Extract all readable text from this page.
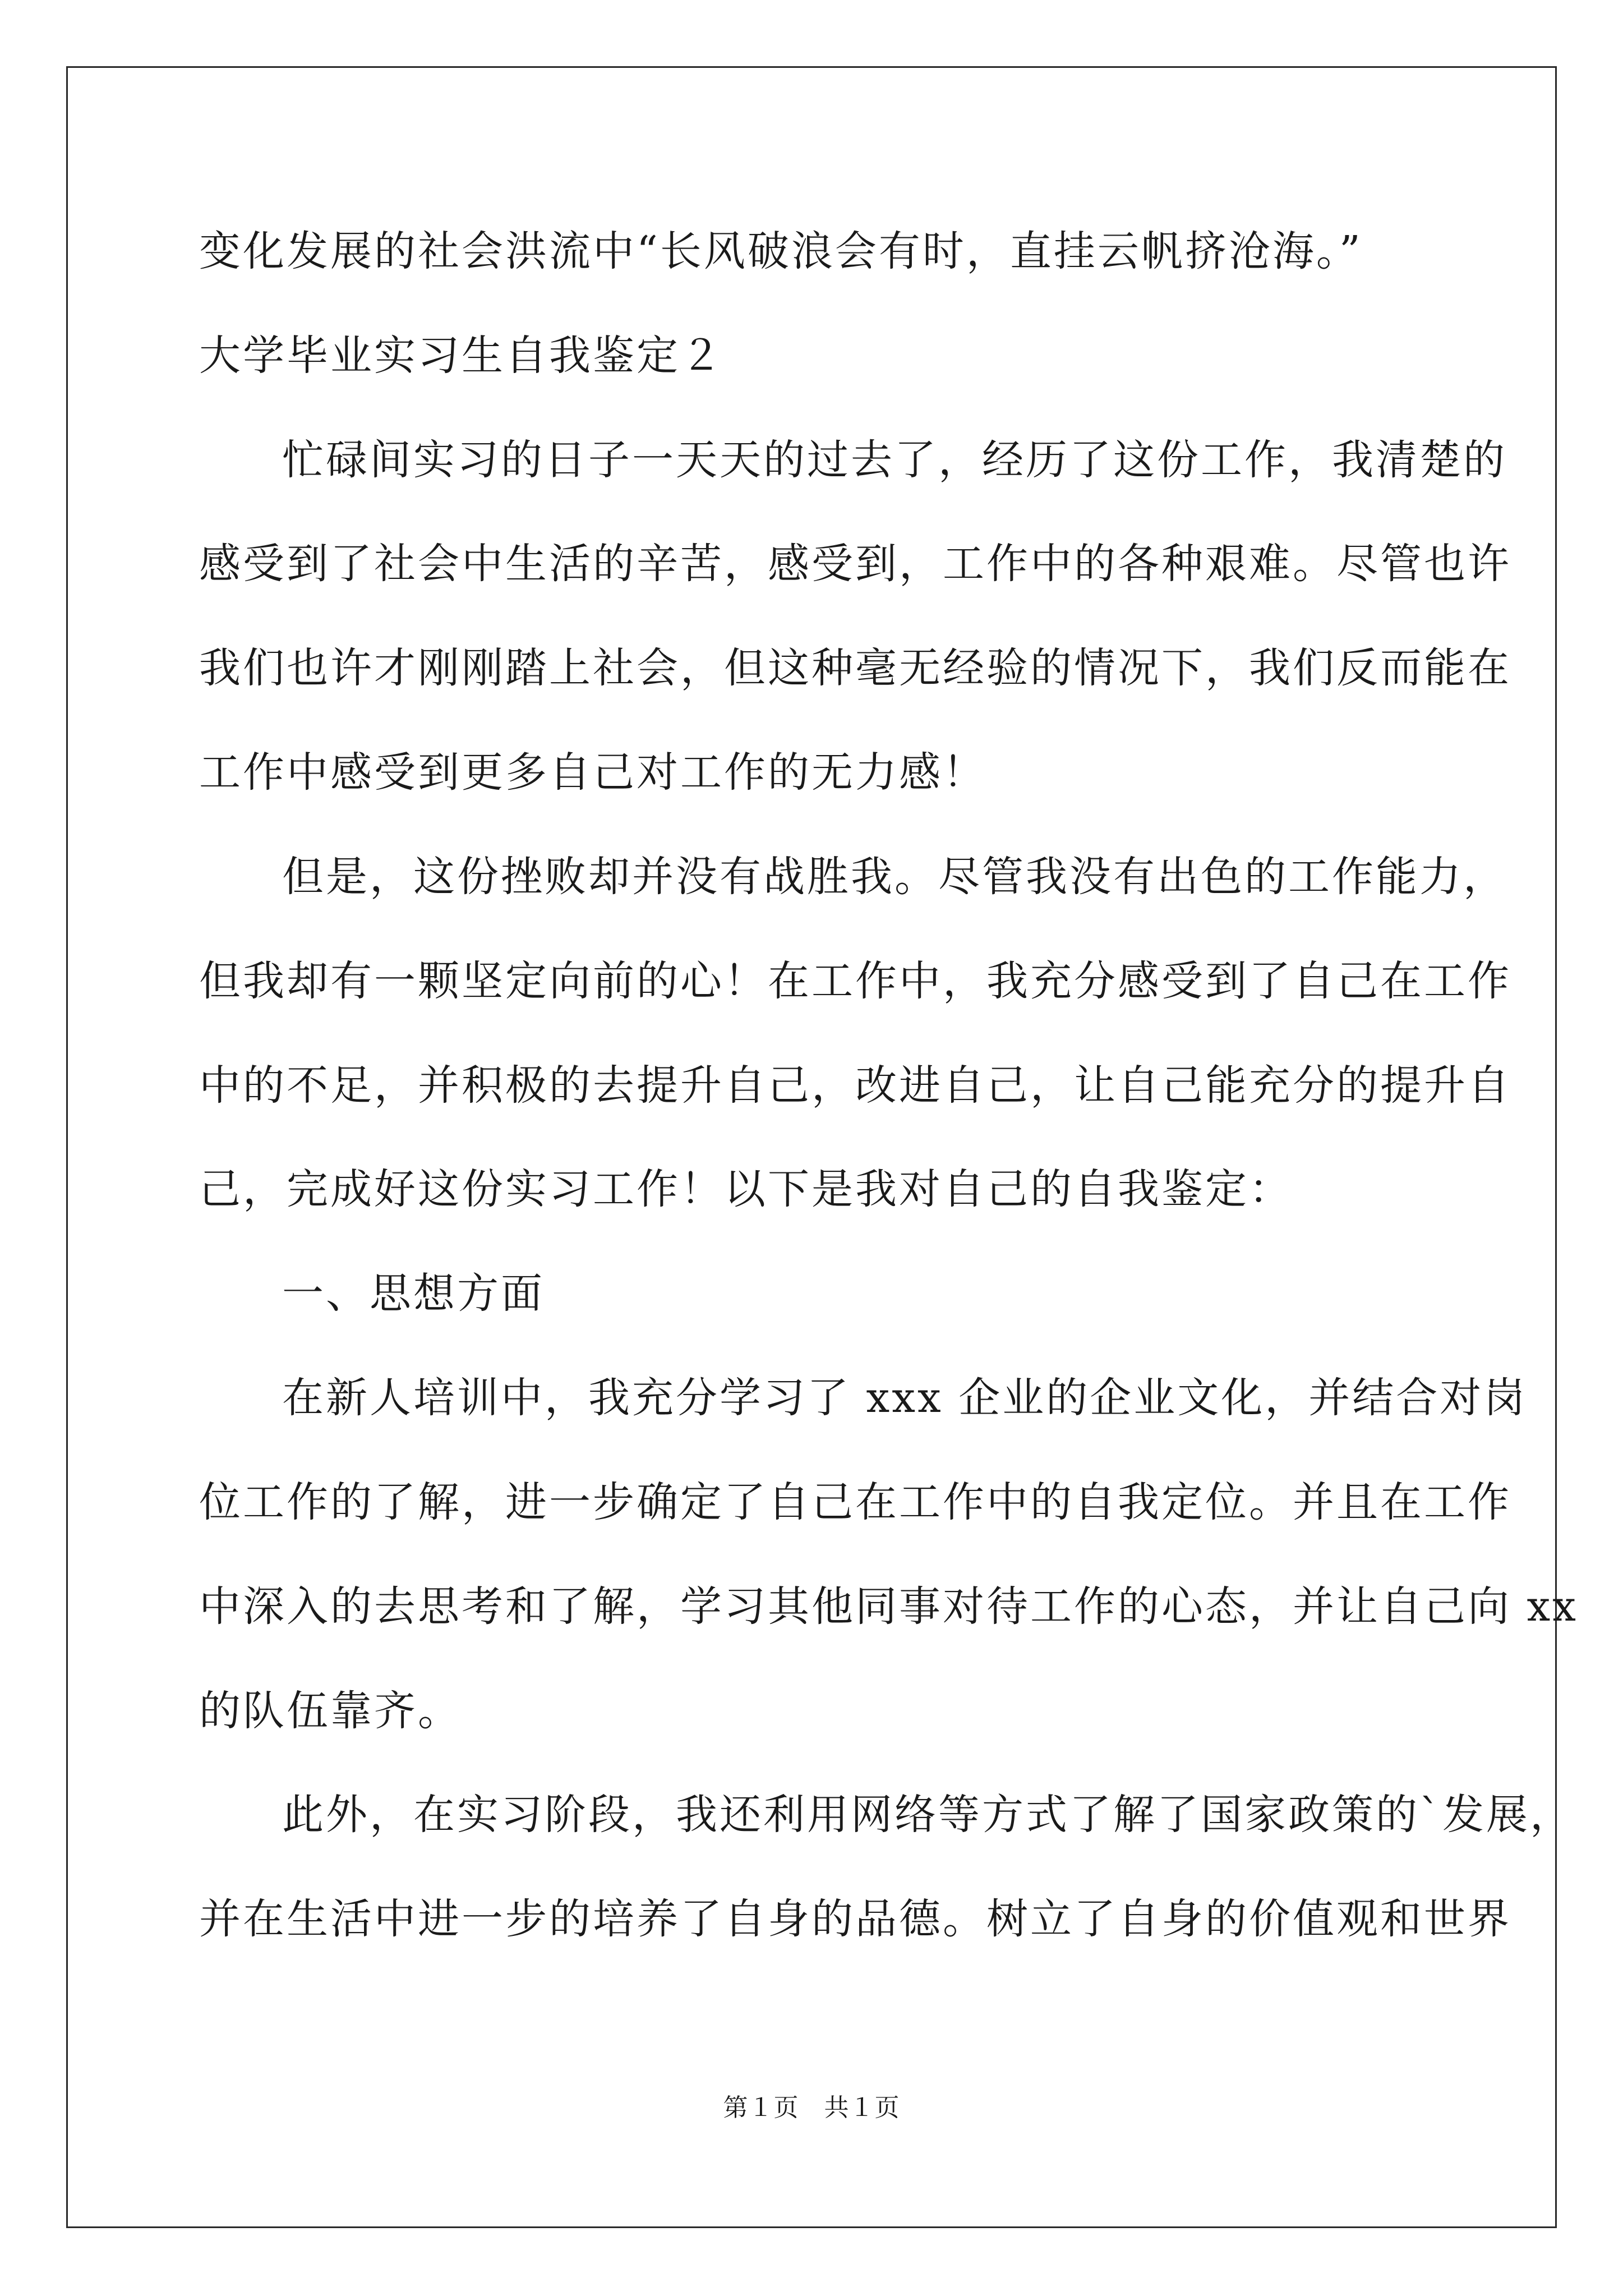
变化发展的社会洪流中“长风破浪会有时，直挂云帆挤沧海。”
大学毕业实习生自我鉴定２
忙碌间实习的日子一天天的过去了，经历了这份工作，我清楚的
感受到了社会中生活的辛苦，感受到，工作中的各种艰难。尽管也许
我们也许才刚刚踏上社会，但这种毫无经验的情况下，我们反而能在
工作中感受到更多自己对工作的无力感！
但是，这份挫败却并没有战胜我。尽管我没有出色的工作能力，
但我却有一颗坚定向前的心！在工作中，我充分感受到了自己在工作
中的不足，并积极的去提升自己，改进自己，让自己能充分的提升自
己，完成好这份实习工作！以下是我对自己的自我鉴定：
一、思想方面
在新人培训中，我充分学习了 xxx 企业的企业文化，并结合对岗
位工作的了解，进一步确定了自己在工作中的自我定位。并且在工作
中深入的去思考和了解，学习其他同事对待工作的心态，并让自己向 xx
的队伍靠齐。
此外，在实习阶段，我还利用网络等方式了解了国家政策的`发展，
并在生活中进一步的培养了自身的品德。树立了自身的价值观和世界
第１页　共１页
